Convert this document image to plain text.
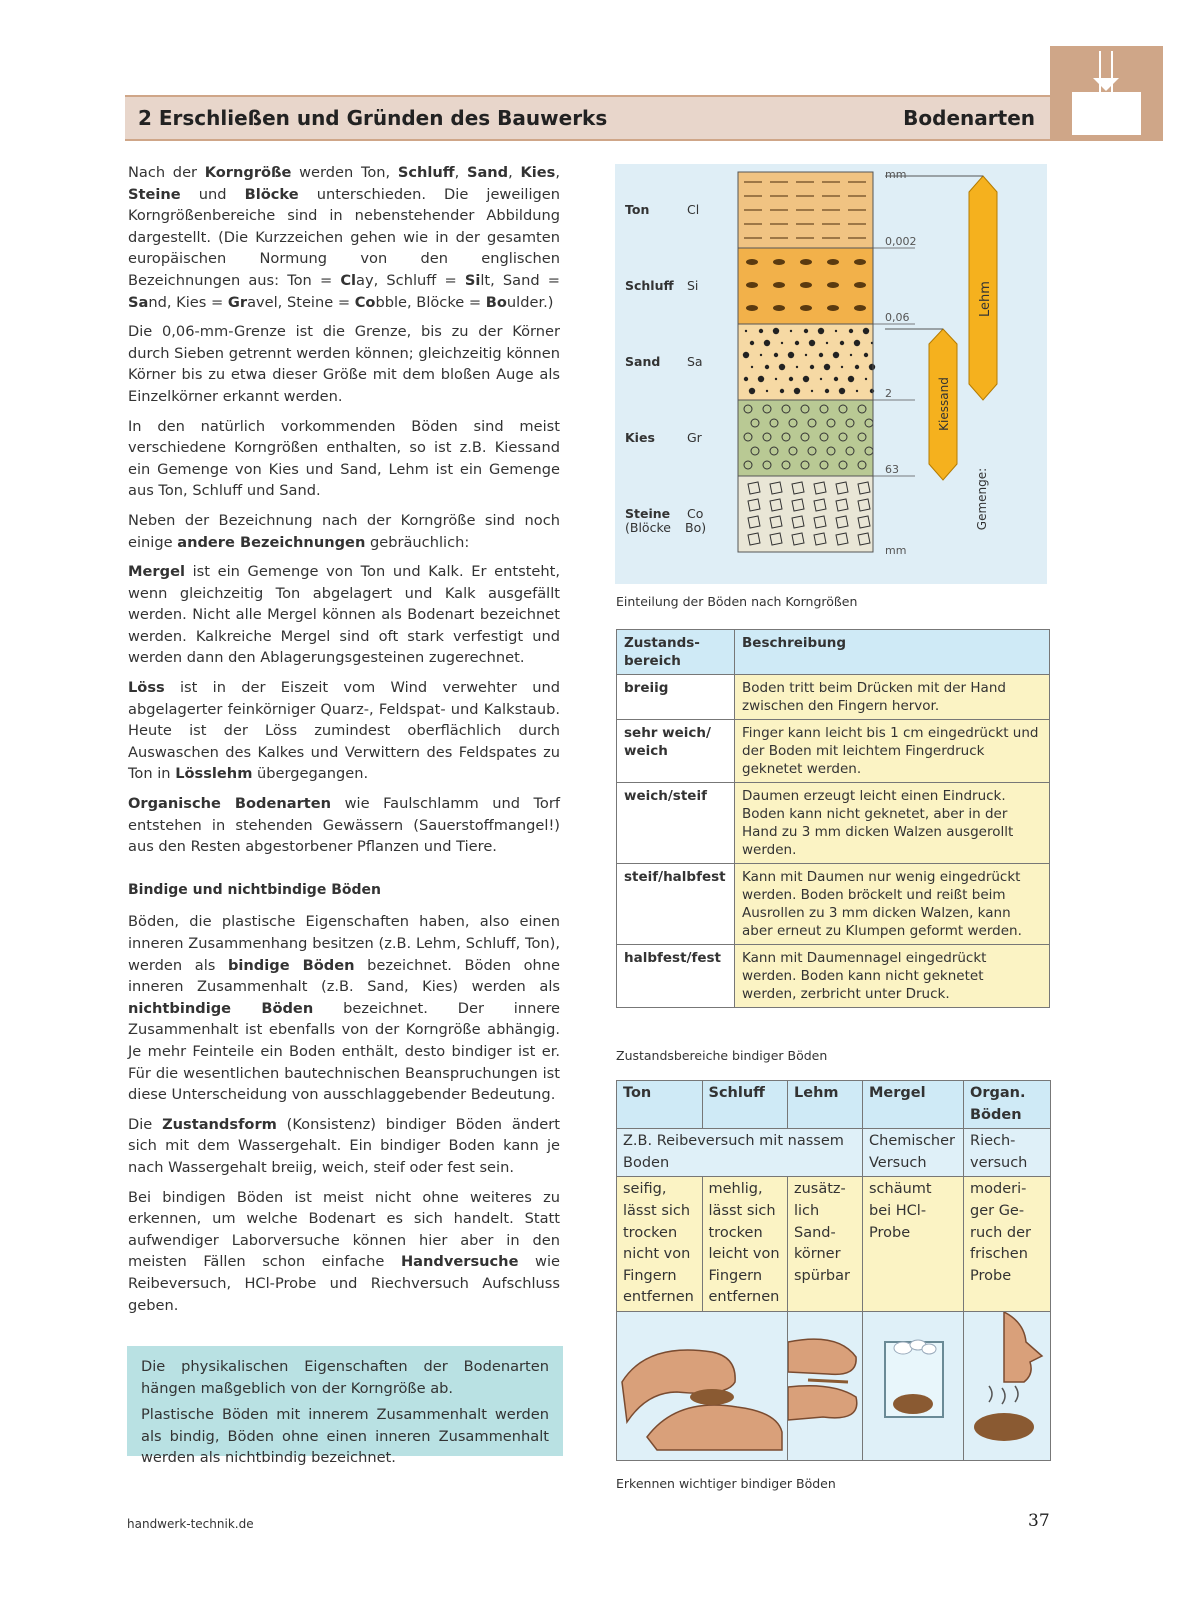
2 Erschließen und Gründen des Bauwerks	Bodenarten

Nach der Korngröße werden Ton, Schluff, Sand, Kies, Steine und Blöcke unterschieden. Die jeweiligen Korngrößenbereiche sind in nebenstehender Abbildung dargestellt. (Die Kurzzeichen gehen wie in der gesamten europäischen Normung von den englischen Bezeichnungen aus: Ton = Clay, Schluff = Silt, Sand = Sand, Kies = Gravel, Steine = Cobble, Blöcke = Boulder.)

Die 0,06-mm-Grenze ist die Grenze, bis zu der Körner durch Sieben getrennt werden können; gleichzeitig können Körner bis zu etwa dieser Größe mit dem bloßen Auge als Einzelkörner erkannt werden.

In den natürlich vorkommenden Böden sind meist verschiedene Korngrößen enthalten, so ist z.B. Kiessand ein Gemenge von Kies und Sand, Lehm ist ein Gemenge aus Ton, Schluff und Sand.

Neben der Bezeichnung nach der Korngröße sind noch einige andere Bezeichnungen gebräuchlich:

Mergel ist ein Gemenge von Ton und Kalk. Er entsteht, wenn gleichzeitig Ton abgelagert und Kalk ausgefällt werden. Nicht alle Mergel können als Bodenart bezeichnet werden. Kalkreiche Mergel sind oft stark verfestigt und werden dann den Ablagerungsgesteinen zugerechnet.

Löss ist in der Eiszeit vom Wind verwehter und abgelagerter feinkörniger Quarz-, Feldspat- und Kalkstaub. Heute ist der Löss zumindest oberflächlich durch Auswaschen des Kalkes und Verwittern des Feldspates zu Ton in Lösslehm übergegangen.

Organische Bodenarten wie Faulschlamm und Torf entstehen in stehenden Gewässern (Sauerstoffmangel!) aus den Resten abgestorbener Pflanzen und Tiere.

Bindige und nichtbindige Böden

Böden, die plastische Eigenschaften haben, also einen inneren Zusammenhang besitzen (z.B. Lehm, Schluff, Ton), werden als bindige Böden bezeichnet. Böden ohne inneren Zusammenhalt (z.B. Sand, Kies) werden als nichtbindige Böden bezeichnet. Der innere Zusammenhalt ist ebenfalls von der Korngröße abhängig. Je mehr Feinteile ein Boden enthält, desto bindiger ist er. Für die wesentlichen bautechnischen Beanspruchungen ist diese Unterscheidung von ausschlaggebender Bedeutung.

Die Zustandsform (Konsistenz) bindiger Böden ändert sich mit dem Wassergehalt. Ein bindiger Boden kann je nach Wassergehalt breiig, weich, steif oder fest sein.

Bei bindigen Böden ist meist nicht ohne weiteres zu erkennen, um welche Bodenart es sich handelt. Statt aufwendiger Laborversuche können hier aber in den meisten Fällen schon einfache Handversuche wie Reibeversuch, HCl-Probe und Riechversuch Aufschluss geben.

Die physikalischen Eigenschaften der Bodenarten hängen maßgeblich von der Korngröße ab.

Plastische Böden mit innerem Zusammenhalt werden als bindig, Böden ohne einen inneren Zusammenhalt werden als nichtbindig bezeichnet.

Ton	Cl
Schluff Si
Sand Sa
Kies	Gr
Steine Co
(Blöcke Bo)
mm
mm
0,002
0,06
2
63
Lehm
Kiessand
Gemenge:
Einteilung der Böden nach Korngrößen
Zustands-bereich	Beschreibung
breiig	Boden tritt beim Drücken mit der Hand zwischen den Fingern hervor.
sehr weich/ weich	Finger kann leicht bis 1 cm eingedrückt und der Boden mit leichtem Fingerdruck geknetet werden.
weich/steif	Daumen erzeugt leicht einen Eindruck. Boden kann nicht geknetet, aber in der Hand zu 3 mm dicken Walzen ausgerollt werden.
steif/halbfest	Kann mit Daumen nur wenig eingedrückt werden. Boden bröckelt und reißt beim Ausrollen zu 3 mm dicken Walzen, kann aber erneut zu Klumpen geformt werden.
halbfest/fest	Kann mit Daumennagel eingedrückt werden. Boden kann nicht geknetet werden, zerbricht unter Druck.
Zustandsbereiche bindiger Böden
Ton	Schluff	Lehm	Mergel	Organ. Böden
Z.B. Reibeversuch mit nassem Boden			Chemischer Versuch	Riech-versuch
seifig, lässt sich trocken nicht von Fingern entfernen	mehlig, lässt sich trocken leicht von Fingern entfernen	zusätz-lich Sand-körner spürbar	schäumt bei HCl-Probe	moderi-ger Ge-ruch der frischen Probe

Erkennen wichtiger bindiger Böden
handwerk-technik.de	37
